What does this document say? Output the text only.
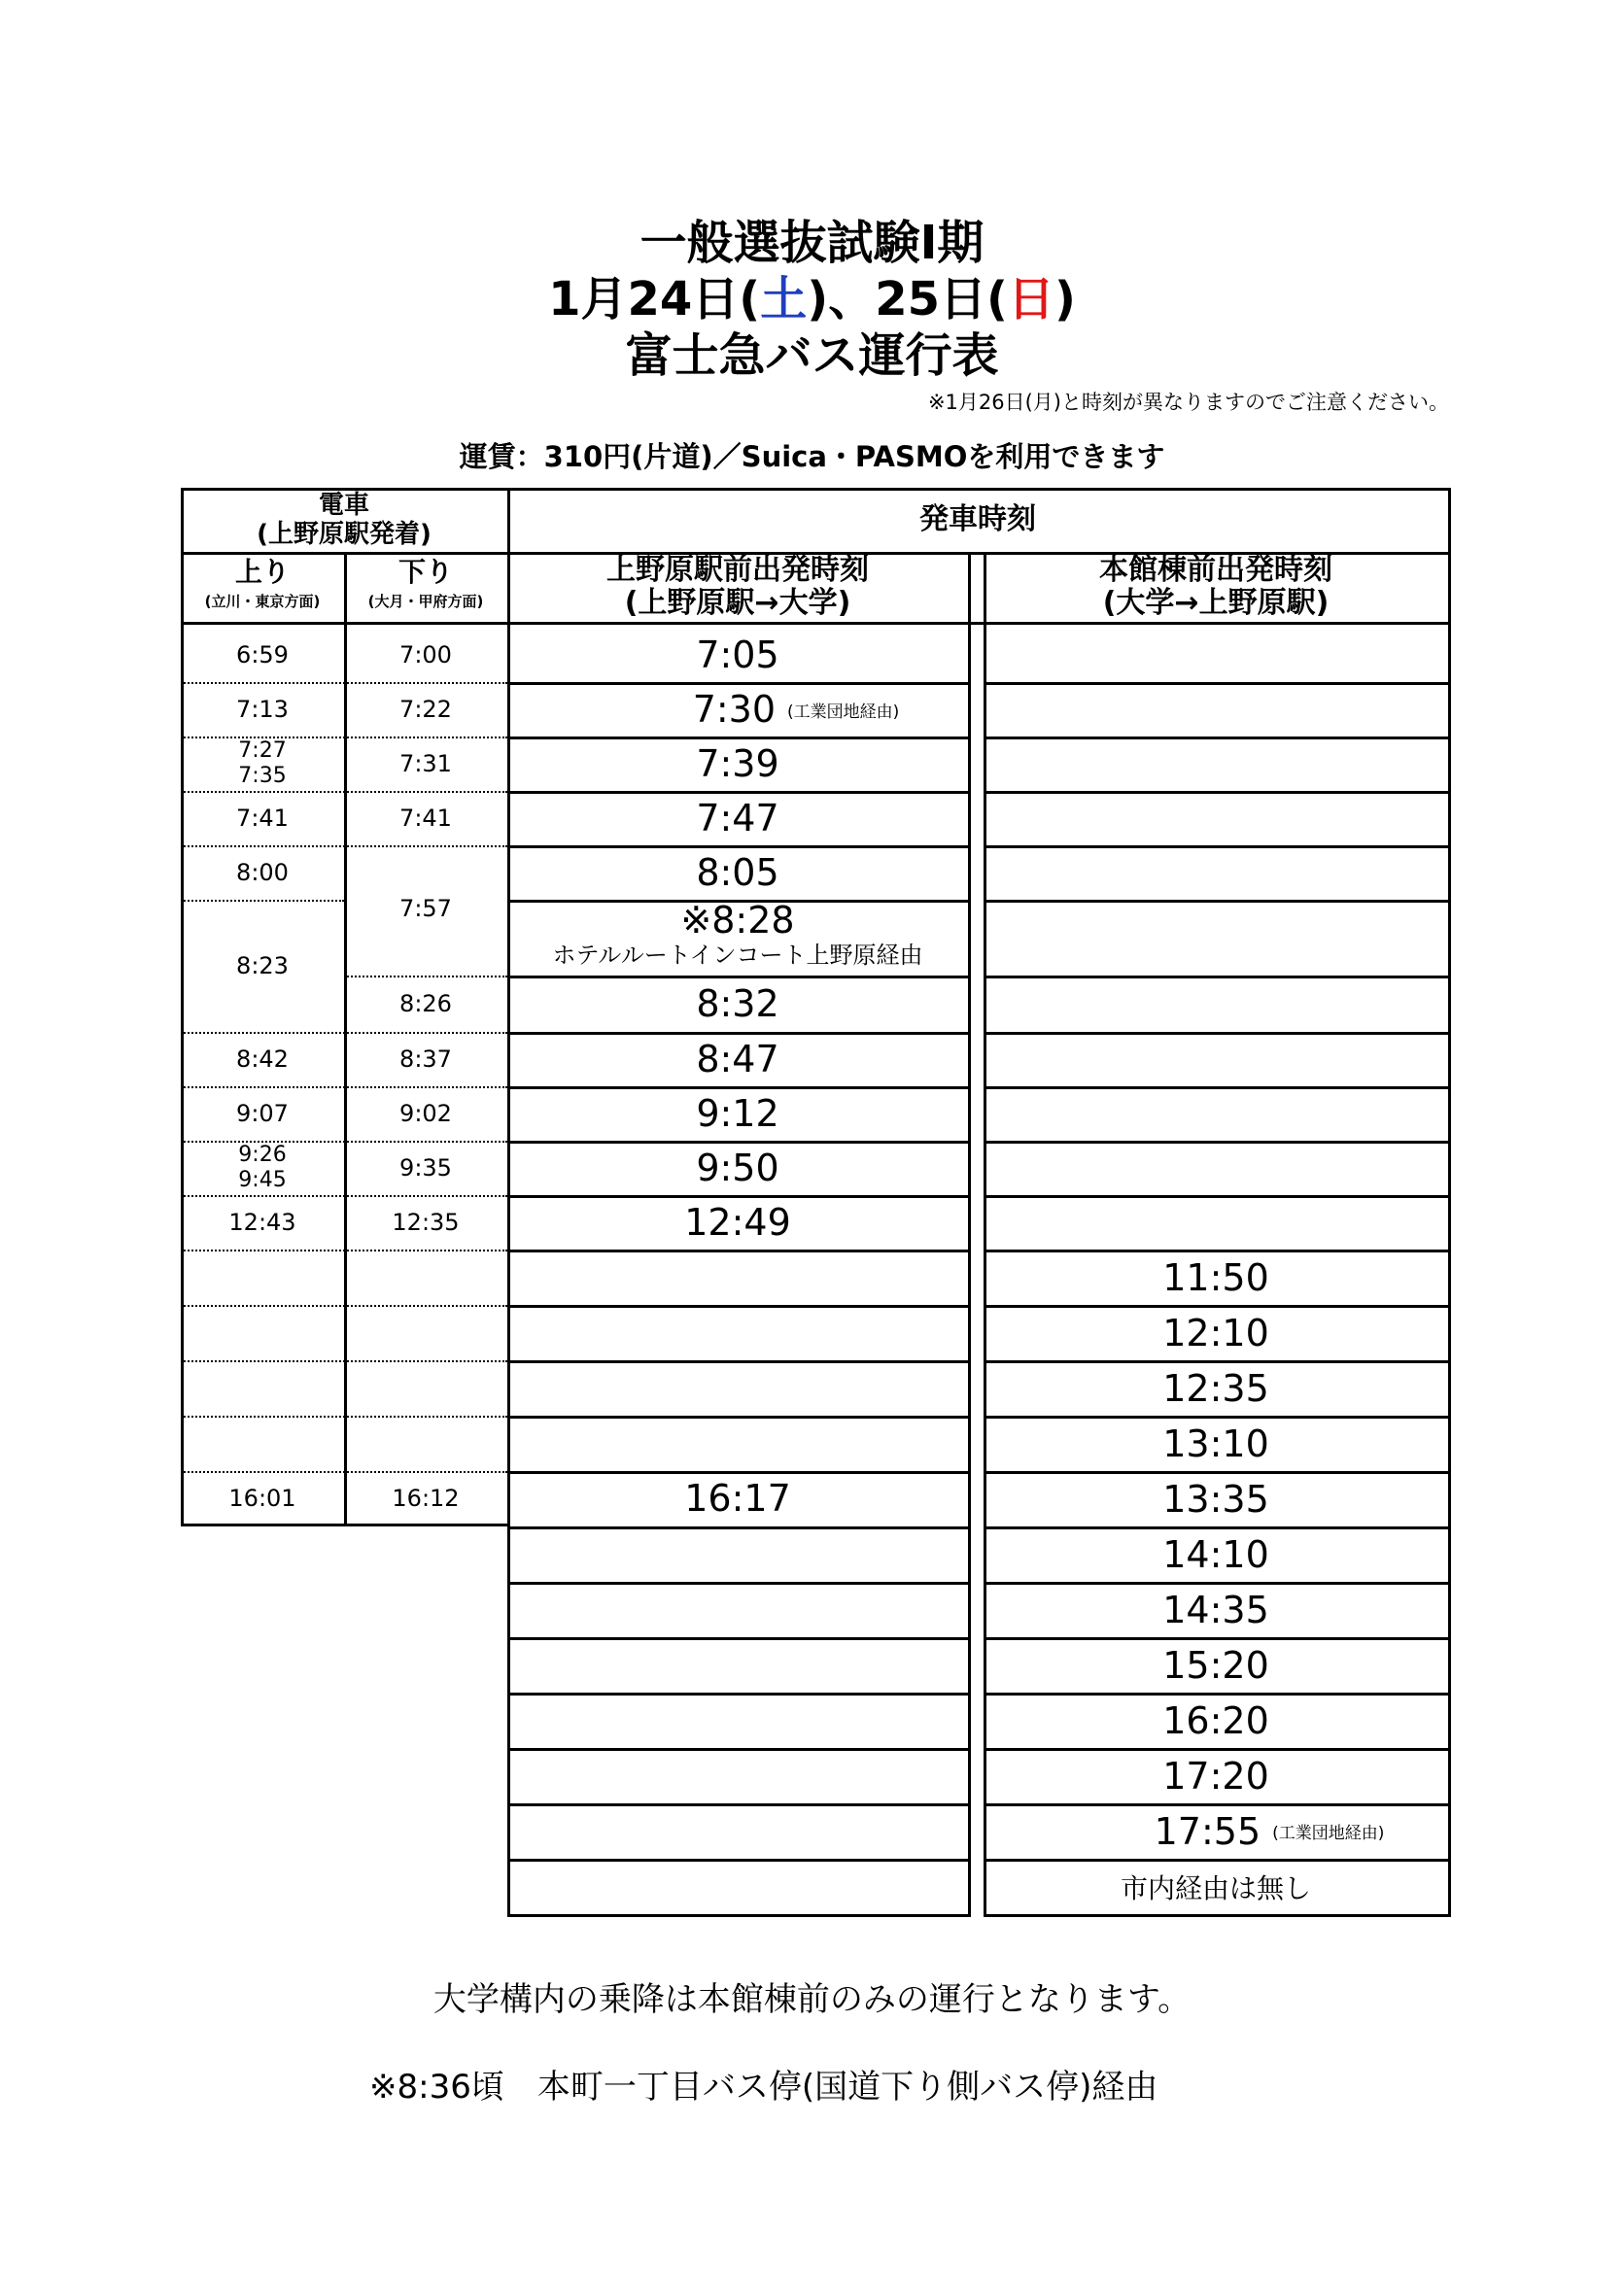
一般選抜試験Ⅰ期
1月24日(土)、25日(日)
富士急バス運行表
※1月26日(月)と時刻が異なりますのでご注意ください。
運賃：310円(片道)／Suica・PASMOを利用できます
電車
(上野原駅発着)	発車時刻
上り
(立川・東京方面)
下り
(大月・甲府方面)
上野原駅前出発時刻
(上野原駅→大学)
本館棟前出発時刻
(大学→上野原駅)
6:59
7:13
7:27
7:35
7:41
8:00
8:23
8:42
9:07
9:26
9:45
12:43
16:01
7:00
7:22
7:31
7:41
7:57
8:26
8:37
9:02
9:35
12:35
16:12
7:05
7:30 (工業団地経由)
7:39
7:47
8:05
※8:28
ホテルルートインコート上野原経由
8:32
8:47
9:12
9:50
12:49
16:17
11:50
12:10
12:35
13:10
13:35
14:10
14:35
15:20
16:20
17:20
17:55 (工業団地経由)
市内経由は無し
大学構内の乗降は本館棟前のみの運行となります。
※8:36頃　本町一丁目バス停(国道下り側バス停)経由
